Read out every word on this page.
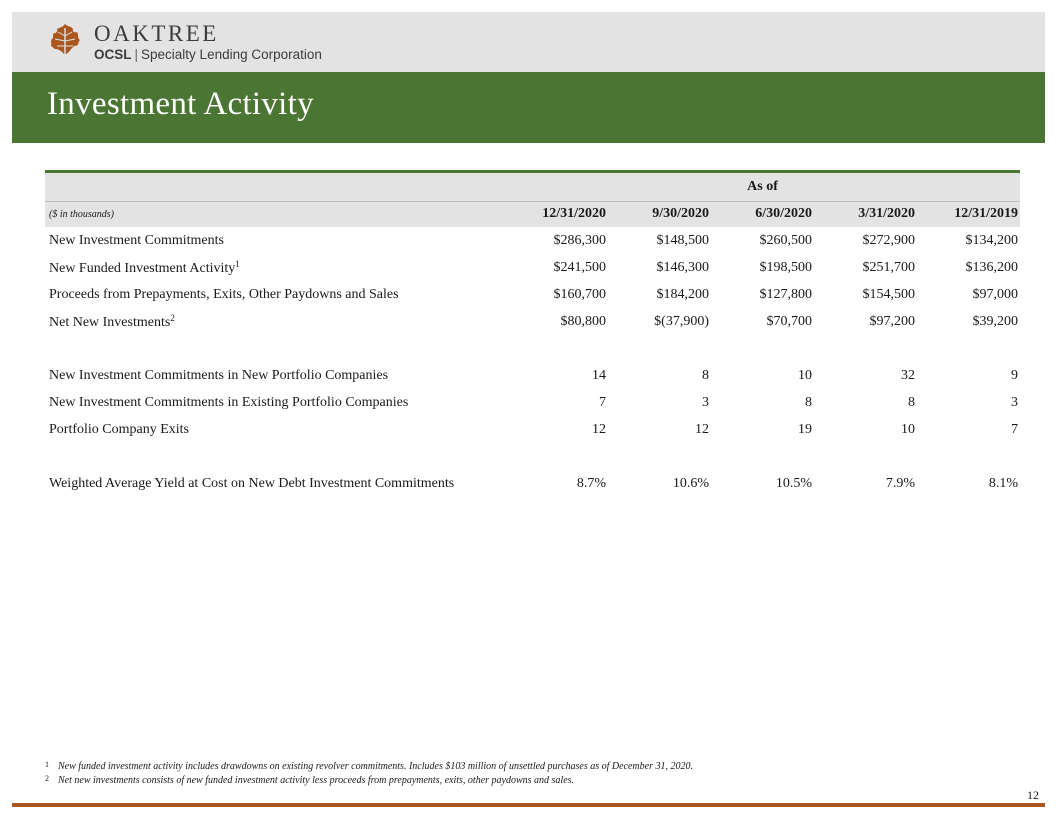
OAKTREE
OCSL | Specialty Lending Corporation
Investment Activity
	As of				
($ in thousands)	12/31/2020	9/30/2020	6/30/2020	3/31/2020	12/31/2019
New Investment Commitments	$286,300	$148,500	$260,500	$272,900	$134,200
New Funded Investment Activity$^1$	$241,500	$146,300	$198,500	$251,700	$136,200
Proceeds from Prepayments, Exits, Other Paydowns and Sales	$160,700	$184,200	$127,800	$154,500	$97,000
Net New Investments$^2$	$80,800	$(37,900)	$70,700	$97,200	$39,200

New Investment Commitments in New Portfolio Companies	14	8	10	32	9
New Investment Commitments in Existing Portfolio Companies	7	3	8	8	3
Portfolio Company Exits	12	12	19	10	7

Weighted Average Yield at Cost on New Debt Investment Commitments	8.7%	10.6%	10.5%	7.9%	8.1%
1 New funded investment activity includes drawdowns on existing revolver commitments. Includes $103 million of unsettled purchases as of December 31, 2020.
2 Net new investments consists of new funded investment activity less proceeds from prepayments, exits, other paydowns and sales.
12
